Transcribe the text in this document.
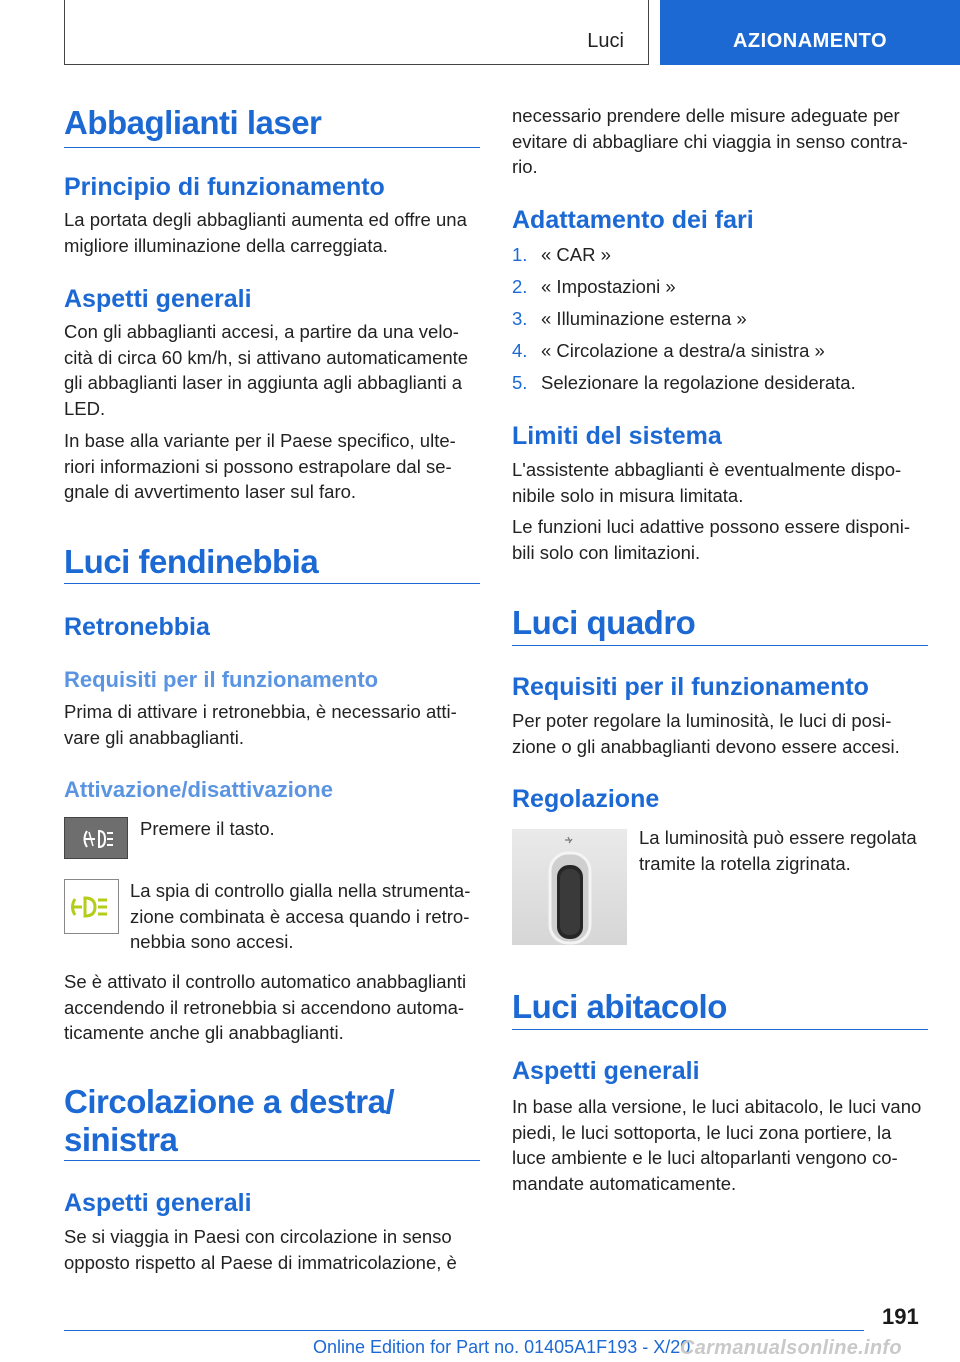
Luci	AZIONAMENTO
Abbaglianti laser
Principio di funzionamento
La portata degli abbaglianti aumenta ed offre una
migliore illuminazione della carreggiata.
Aspetti generali
Con gli abbaglianti accesi, a partire da una velo-
cità di circa 60 km/h, si attivano automaticamente
gli abbaglianti laser in aggiunta agli abbaglianti a
LED.
In base alla variante per il Paese specifico, ulte-
riori informazioni si possono estrapolare dal se-
gnale di avvertimento laser sul faro.
Luci fendinebbia
Retronebbia
Requisiti per il funzionamento
Prima di attivare i retronebbia, è necessario atti-
vare gli anabbaglianti.
Attivazione/disattivazione
Premere il tasto.
La spia di controllo gialla nella strumenta-
zione combinata è accesa quando i retro-
nebbia sono accesi.
Se è attivato il controllo automatico anabbaglianti
accendendo il retronebbia si accendono automa-
ticamente anche gli anabbaglianti.
Circolazione a destra/
sinistra
Aspetti generali
Se si viaggia in Paesi con circolazione in senso
opposto rispetto al Paese di immatricolazione, è
necessario prendere delle misure adeguate per
evitare di abbagliare chi viaggia in senso contra-
rio.
Adattamento dei fari
1. « CAR »
2. « Impostazioni »
3. « Illuminazione esterna »
4. « Circolazione a destra/a sinistra »
5. Selezionare la regolazione desiderata.
Limiti del sistema
L'assistente abbaglianti è eventualmente dispo-
nibile solo in misura limitata.
Le funzioni luci adattive possono essere disponi-
bili solo con limitazioni.
Luci quadro
Requisiti per il funzionamento
Per poter regolare la luminosità, le luci di posi-
zione o gli anabbaglianti devono essere accesi.
Regolazione
La luminosità può essere regolata
tramite la rotella zigrinata.
Luci abitacolo
Aspetti generali
In base alla versione, le luci abitacolo, le luci vano
piedi, le luci sottoporta, le luci zona portiere, la
luce ambiente e le luci altoparlanti vengono co-
mandate automaticamente.
191
Online Edition for Part no. 01405A1F193 - X/20
Carmanualsonline.info
